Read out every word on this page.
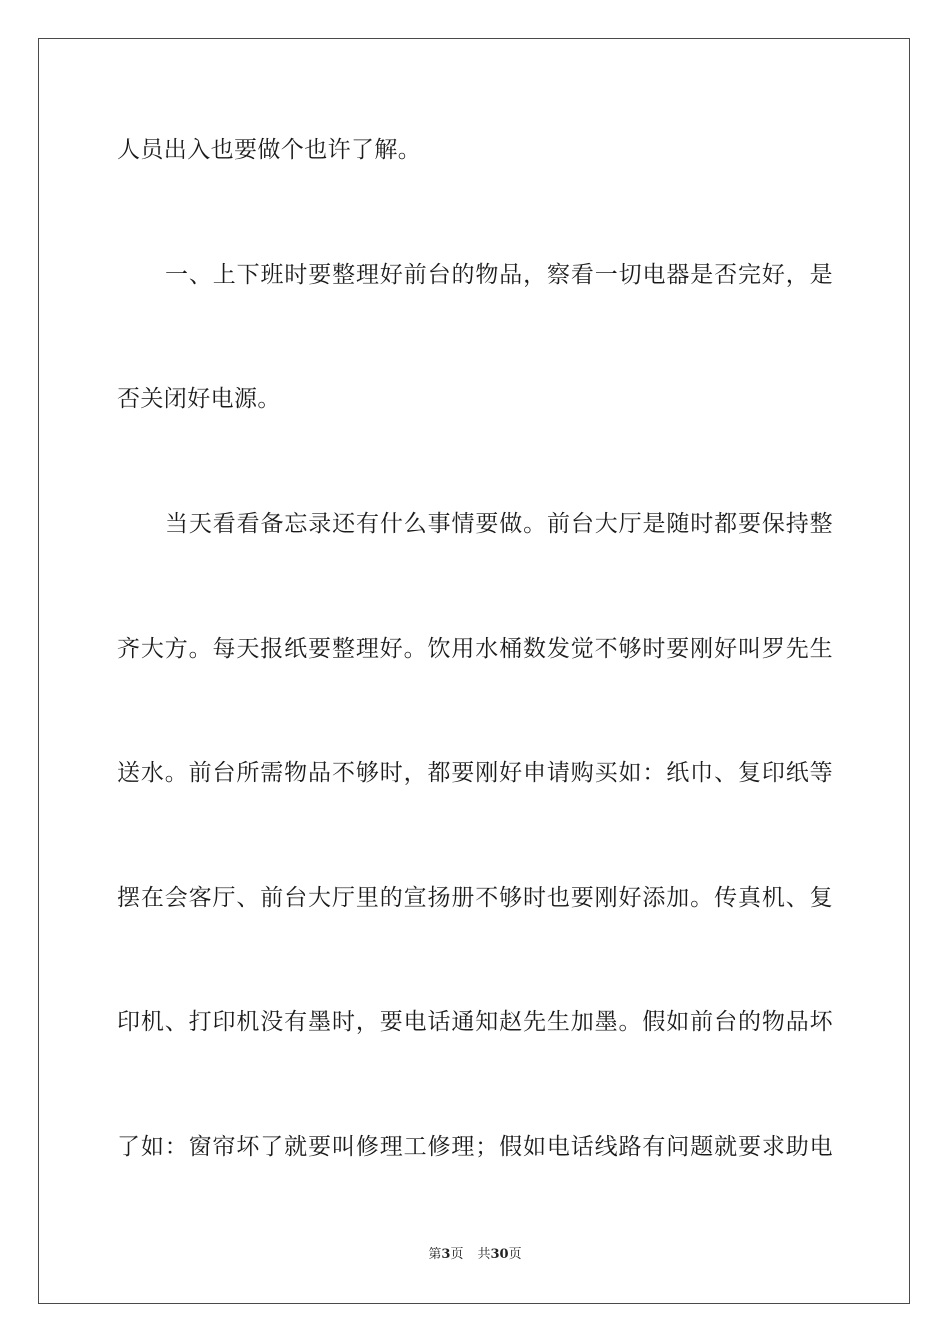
人员出入也要做个也许了解。
一、上下班时要整理好前台的物品，察看一切电器是否完好，是
否关闭好电源。
当天看看备忘录还有什么事情要做。前台大厅是随时都要保持整
齐大方。每天报纸要整理好。饮用水桶数发觉不够时要刚好叫罗先生
送水。前台所需物品不够时，都要刚好申请购买如：纸巾、复印纸等
摆在会客厅、前台大厅里的宣扬册不够时也要刚好添加。传真机、复
印机、打印机没有墨时，要电话通知赵先生加墨。假如前台的物品坏
了如：窗帘坏了就要叫修理工修理；假如电话线路有问题就要求助电
第3页 共30页
